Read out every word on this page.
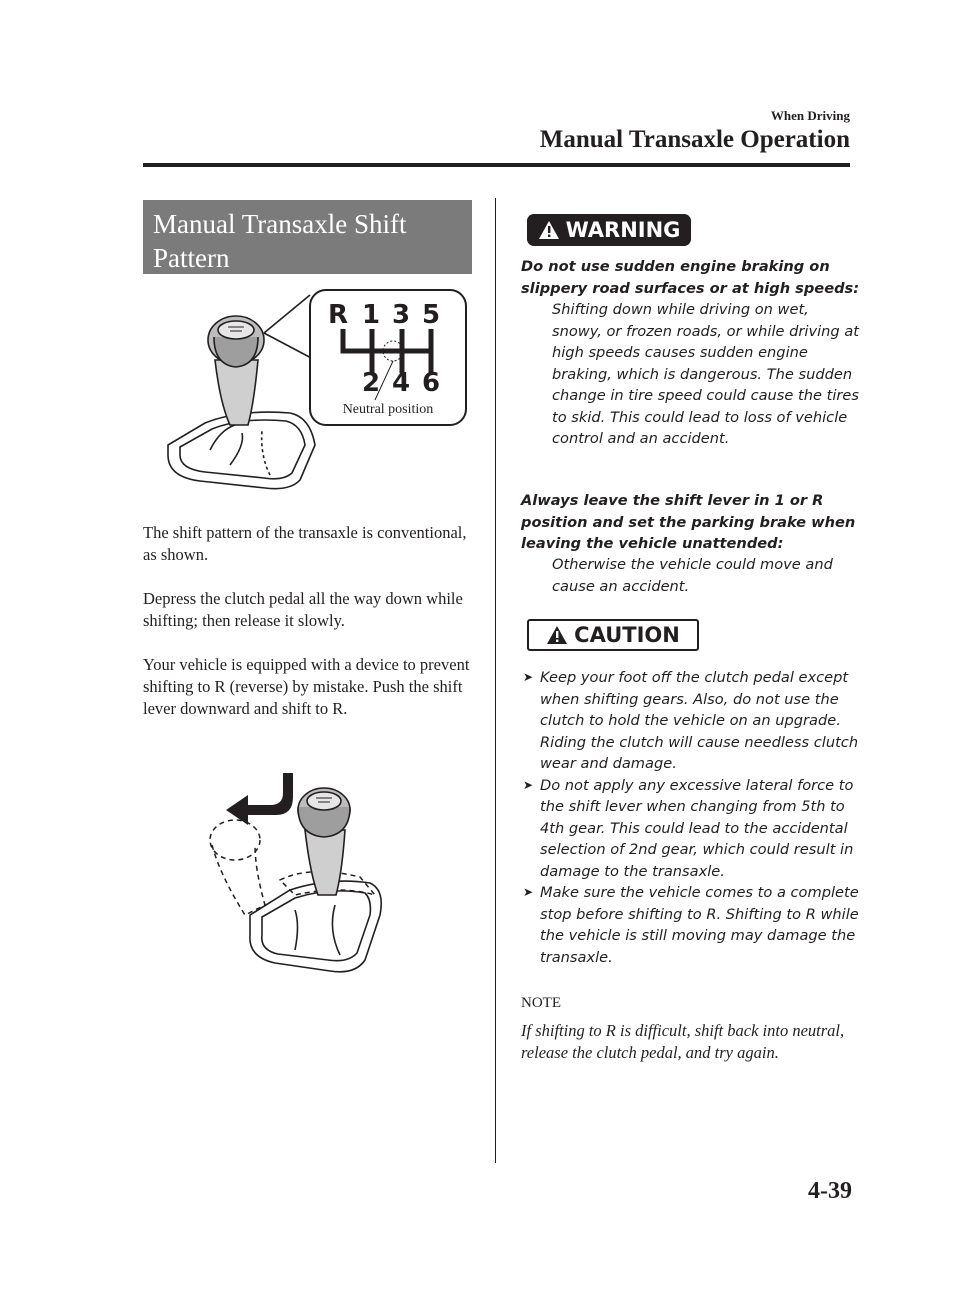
When Driving
Manual Transaxle Operation
Manual Transaxle Shift Pattern
R 1 3 5
2 4 6
Neutral position

The shift pattern of the transaxle is conventional, as shown.

Depress the clutch pedal all the way down while shifting; then release it slowly.

Your vehicle is equipped with a device to prevent shifting to R (reverse) by mistake. Push the shift lever downward and shift to R.

WARNING

Do not use sudden engine braking on slippery road surfaces or at high speeds:

Shifting down while driving on wet, snowy, or frozen roads, or while driving at high speeds causes sudden engine braking, which is dangerous. The sudden change in tire speed could cause the tires to skid. This could lead to loss of vehicle control and an accident.

Always leave the shift lever in 1 or R position and set the parking brake when leaving the vehicle unattended:

Otherwise the vehicle could move and cause an accident.

CAUTION
➤ Keep your foot off the clutch pedal except when shifting gears. Also, do not use the clutch to hold the vehicle on an upgrade. Riding the clutch will cause needless clutch wear and damage.
➤ Do not apply any excessive lateral force to the shift lever when changing from 5th to 4th gear. This could lead to the accidental selection of 2nd gear, which could result in damage to the transaxle.
➤ Make sure the vehicle comes to a complete stop before shifting to R. Shifting to R while the vehicle is still moving may damage the transaxle.
NOTE

If shifting to R is difficult, shift back into neutral, release the clutch pedal, and try again.

4-39
